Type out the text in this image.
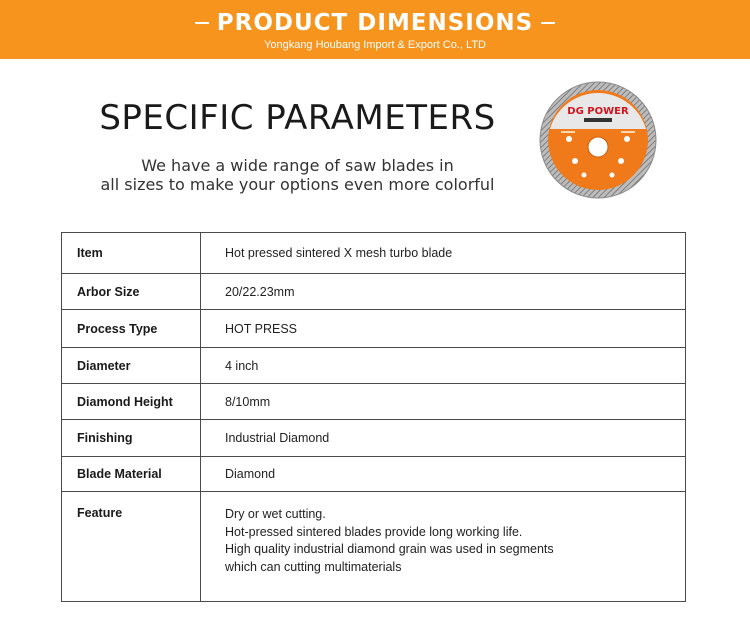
PRODUCT DIMENSIONS
Yongkang Houbang Import & Export Co., LTD
SPECIFIC PARAMETERS
We have a wide range of saw blades in
all sizes to make your options even more colorful
DG POWER
Item	Hot pressed sintered X mesh turbo blade
Arbor Size	20/22.23mm
Process Type	HOT PRESS
Diameter	4 inch
Diamond Height	8/10mm
Finishing	Industrial Diamond
Blade Material	Diamond
Feature	Dry or wet cutting.
Hot-pressed sintered blades provide long working life.
High quality industrial diamond grain was used in segments
which can cutting multimaterials
